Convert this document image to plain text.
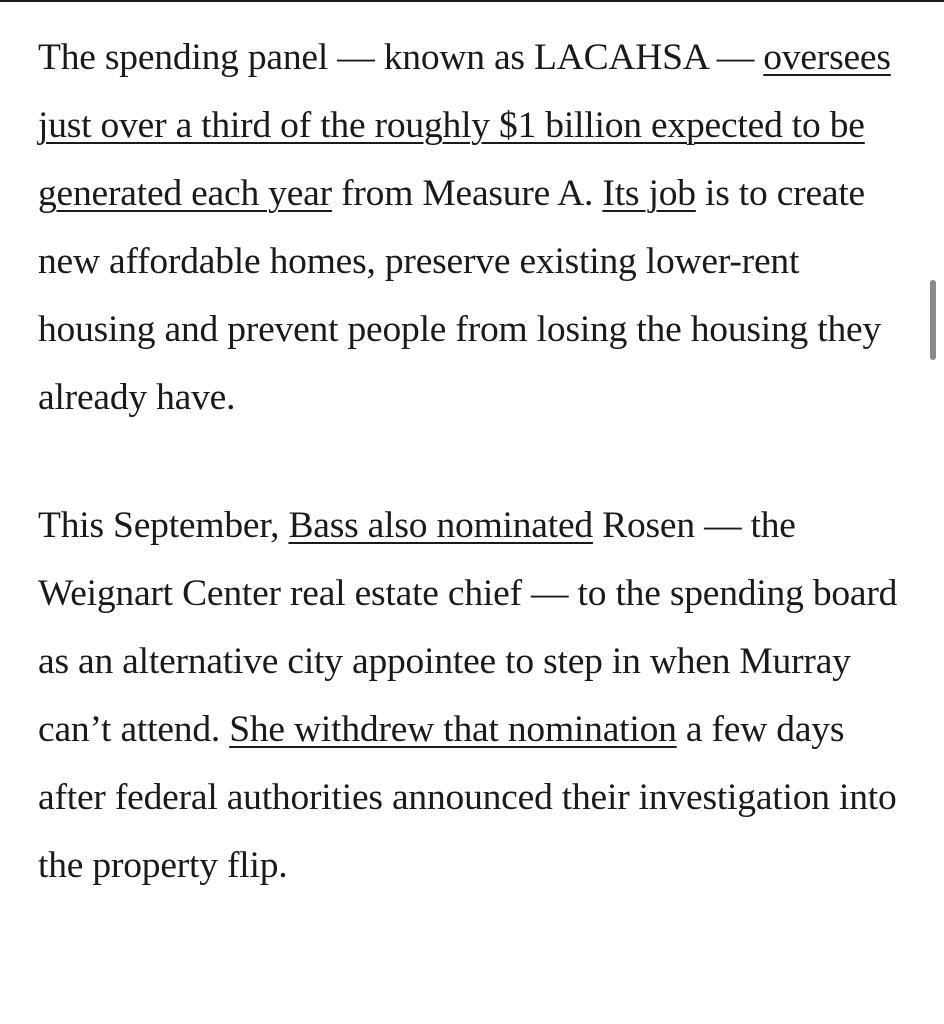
The spending panel — known as LACAHSA — oversees just over a third of the roughly $1 billion expected to be generated each year from Measure A. Its job is to create new affordable homes, preserve existing lower-rent housing and prevent people from losing the housing they already have.

This September, Bass also nominated Rosen — the Weignart Center real estate chief — to the spending board as an alternative city appointee to step in when Murray can’t attend. She withdrew that nomination a few days after federal authorities announced their investigation into the property flip.
